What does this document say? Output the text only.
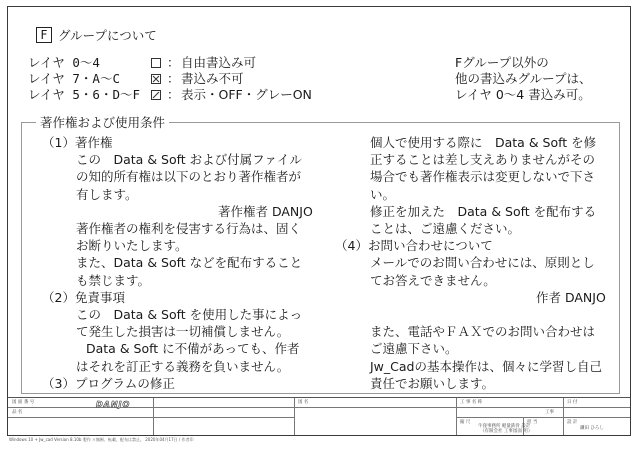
F グループについて
レイヤ 0〜4	： 自由書込み可
レイヤ 7・A〜C	： 書込み不可
レイヤ 5・6・D〜F ： 表示・OFF・グレーON
Fグループ以外の
他の書込みグループは、
レイヤ 0〜4 書込み可。
著作権および使用条件
（1）著作権
この　Data & Soft および付属ファイル
の知的所有権は以下のとおり著作権者が
有します。
著作権者 DANJO
著作権者の権利を侵害する行為は、固く
お断りいたします。
また、Data & Soft などを配布すること
も禁じます。
（2）免責事項
この　Data & Soft を使用した事によっ
て発生した損害は一切補償しません。
Data & Soft に不備があっても、作者
はそれを訂正する義務を負いません。
（3）プログラムの修正
個人で使用する際に　Data & Soft を修
正することは差し支えありませんがその
場合でも著作権表示は変更しないで下さ
い。
修正を加えた　Data & Soft を配布する
ことは、ご遠慮ください。
（4）お問い合わせについて
メールでのお問い合わせには、原則とし
てお答えできません。
作者 DANJO
また、電話やＦＡＸでのお問い合わせは
ご遠慮下さい。
Jw_Cadの基本操作は、個々に学習し自己
責任でお願いします。
図 面 番 号
品 名
図 名	工 事 名 称	日 付
縮 尺	担 当	設 計
工事
牛窪事務所 軽量鉄骨 設計
（有限会社 工事図面 用）
鎌田 ひろし
DANJO
Windows 10 + Jw_cad Version 8.10b 製作 ＊無断、転載、配布は禁止。 2020年04月17日 / 作者印
